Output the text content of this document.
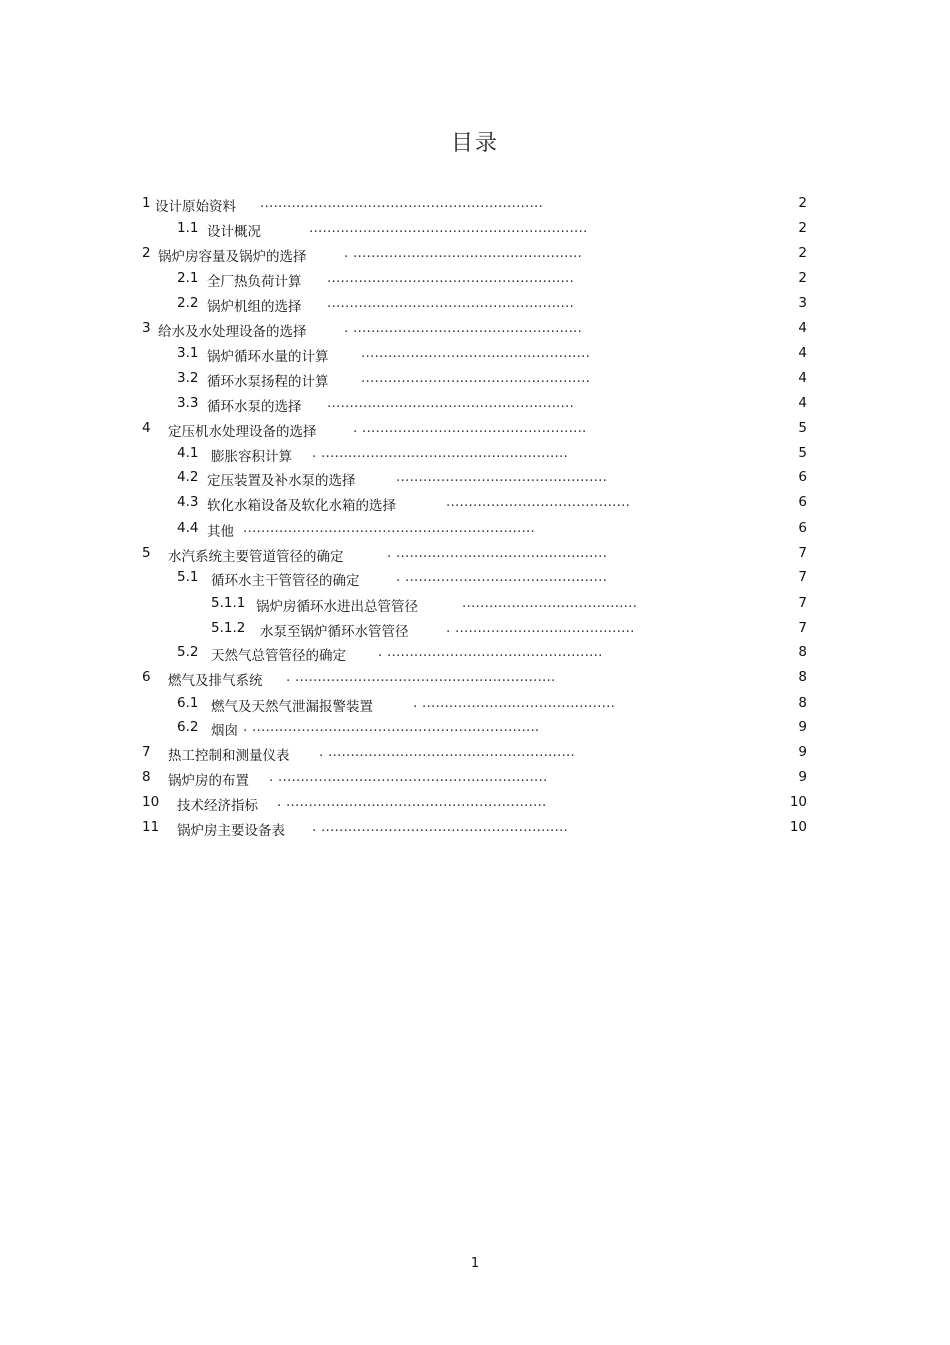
目录
1 设计原始资料 ...............................................................	2
1.1 设计概况	..............................................................	2
2 锅炉房容量及锅炉的选择	. ...................................................	2
2.1 全厂热负荷计算 .......................................................	2
2.2 锅炉机组的选择 .......................................................	3
3 给水及水处理设备的选择	. ...................................................	4
3.1 锅炉循环水量的计算 ...................................................	4
3.2 循环水泵扬程的计算 ...................................................	4
3.3 循环水泵的选择 .......................................................	4
4 定压机水处理设备的选择	. ..................................................	5
4.1 膨胀容积计算 . .......................................................	5
4.2 定压装置及补水泵的选择	...............................................	6
4.3 软化水箱设备及软化水箱的选择	.........................................	6
4.4 其他 .................................................................	6
5 水汽系统主要管道管径的确定	. ...............................................	7
5.1 循环水主干管管径的确定	. .............................................	7
5.1.1 锅炉房循环水进出总管管径	.......................................	7
5.1.2 水泵至锅炉循环水管管径	. ........................................	7
5.2 天然气总管管径的确定 . ................................................	8
6 燃气及排气系统 . ..........................................................	8
6.1 燃气及天然气泄漏报警装置	. ...........................................	8
6.2 烟囱 . ................................................................	9
7 热工控制和测量仪表 . .......................................................	9
8 锅炉房的布置 . ............................................................	9
10 技术经济指标 . ..........................................................	10
11 锅炉房主要设备表 . .......................................................	10
1
